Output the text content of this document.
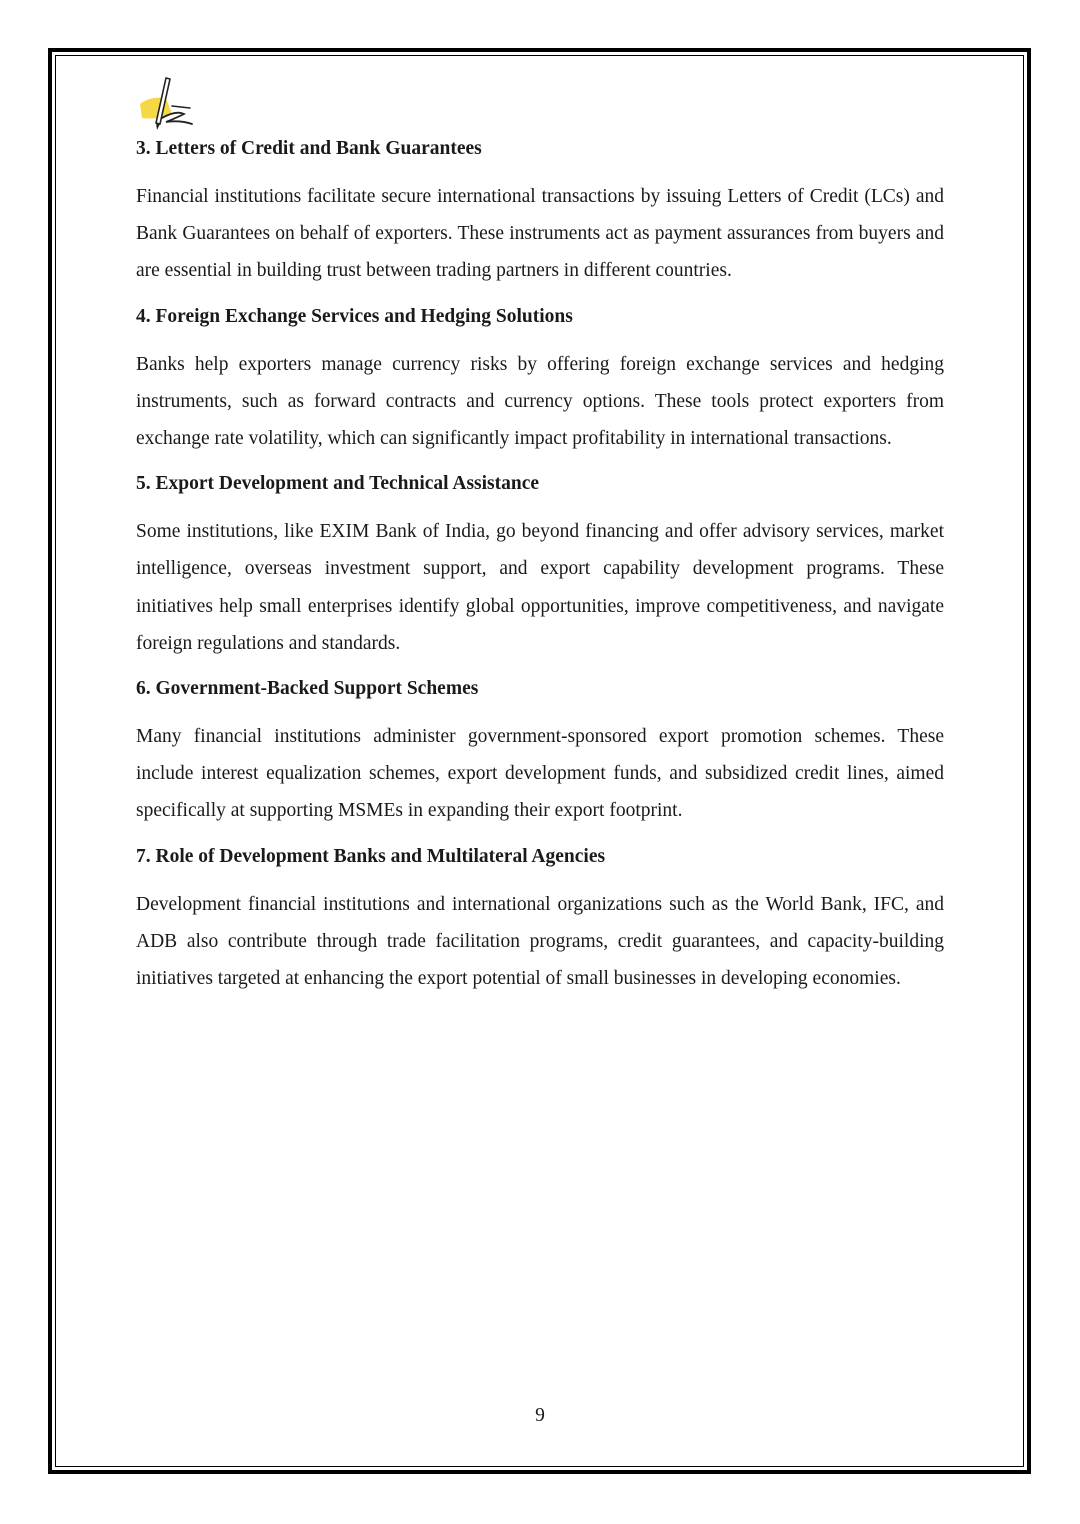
3. Letters of Credit and Bank Guarantees

Financial institutions facilitate secure international transactions by issuing Letters of Credit (LCs) and Bank Guarantees on behalf of exporters. These instruments act as payment assurances from buyers and are essential in building trust between trading partners in different countries.

4. Foreign Exchange Services and Hedging Solutions

Banks help exporters manage currency risks by offering foreign exchange services and hedging instruments, such as forward contracts and currency options. These tools protect exporters from exchange rate volatility, which can significantly impact profitability in international transactions.

5. Export Development and Technical Assistance

Some institutions, like EXIM Bank of India, go beyond financing and offer advisory services, market intelligence, overseas investment support, and export capability development programs. These initiatives help small enterprises identify global opportunities, improve competitiveness, and navigate foreign regulations and standards.

6. Government-Backed Support Schemes

Many financial institutions administer government-sponsored export promotion schemes. These include interest equalization schemes, export development funds, and subsidized credit lines, aimed specifically at supporting MSMEs in expanding their export footprint.

7. Role of Development Banks and Multilateral Agencies

Development financial institutions and international organizations such as the World Bank, IFC, and ADB also contribute through trade facilitation programs, credit guarantees, and capacity-building initiatives targeted at enhancing the export potential of small businesses in developing economies.

9
